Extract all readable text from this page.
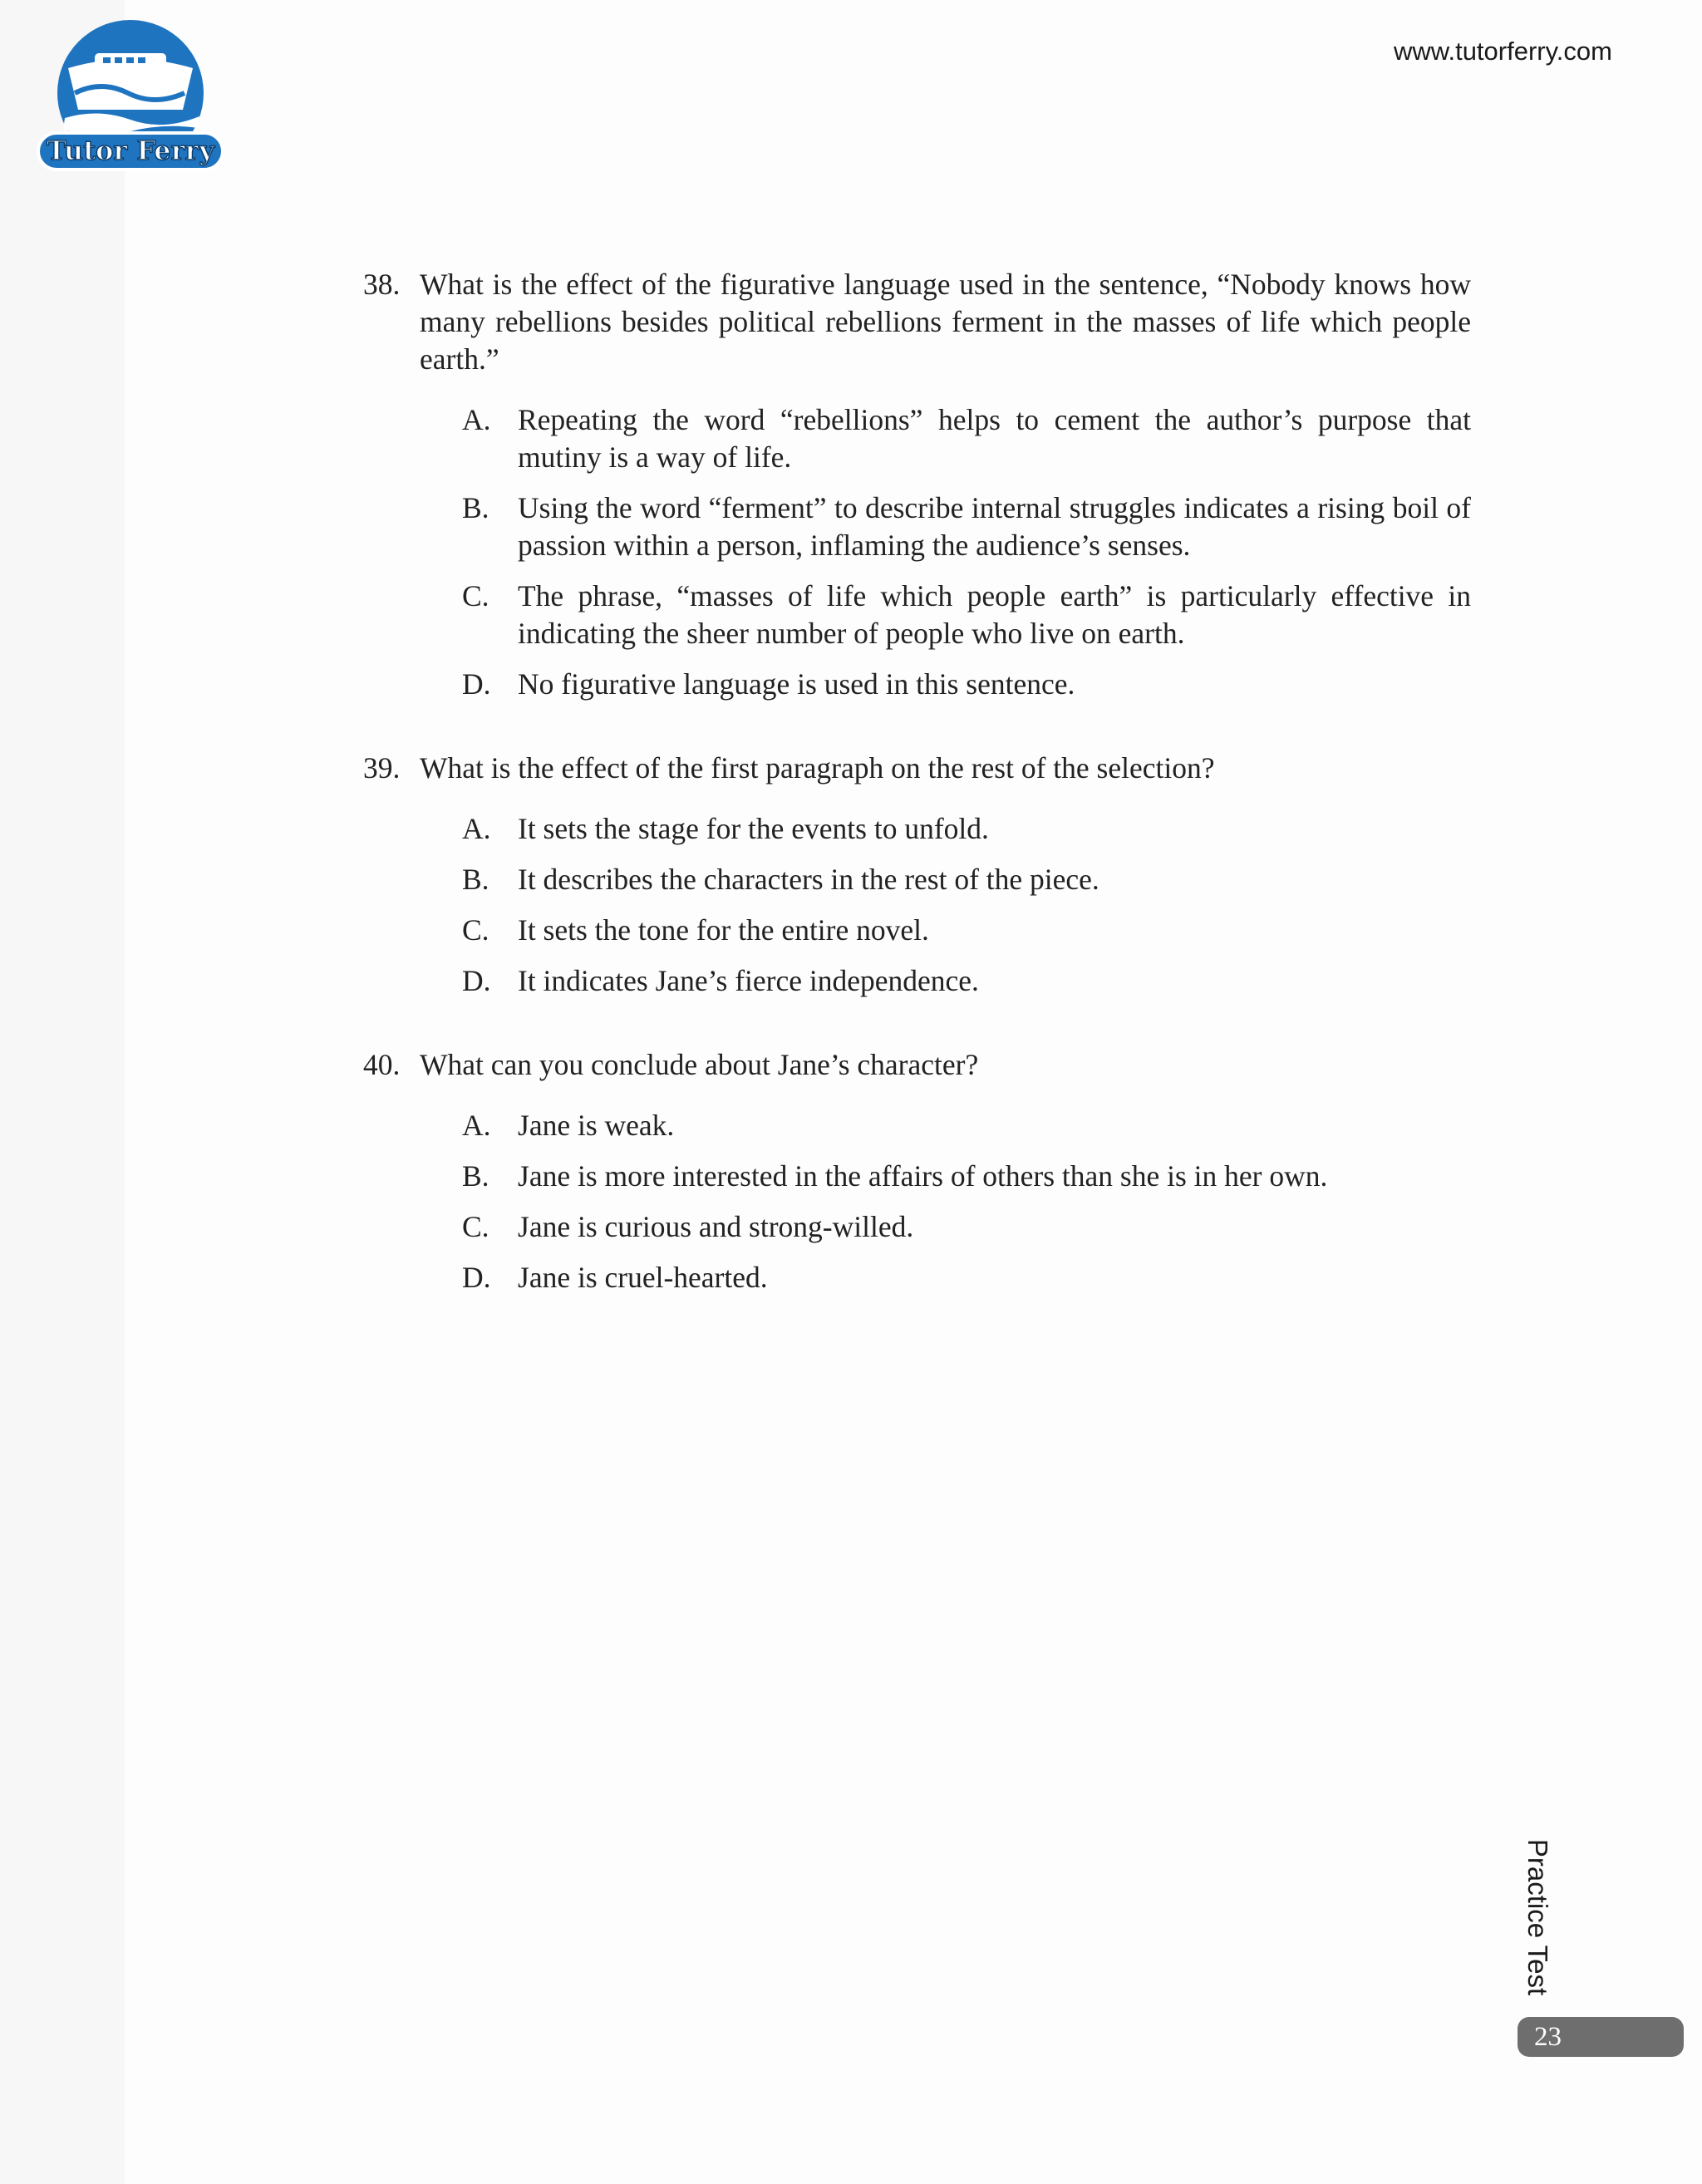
Tutor Ferry
www.tutorferry.com
38. What is the effect of the figurative language used in the sentence, “Nobody knows how many rebellions besides political rebellions ferment in the masses of life which people earth.”
A. Repeating the word “rebellions” helps to cement the author’s purpose that mutiny is a way of life.
B. Using the word “ferment” to describe internal struggles indicates a rising boil of passion within a person, inflaming the audience’s senses.
C. The phrase, “masses of life which people earth” is particularly effective in indicating the sheer number of people who live on earth.
D. No figurative language is used in this sentence.
39. What is the effect of the first paragraph on the rest of the selection?
A. It sets the stage for the events to unfold.
B. It describes the characters in the rest of the piece.
C. It sets the tone for the entire novel.
D. It indicates Jane’s fierce independence.
40. What can you conclude about Jane’s character?
A. Jane is weak.
B. Jane is more interested in the affairs of others than she is in her own.
C. Jane is curious and strong-willed.
D. Jane is cruel-hearted.
Practice Test
23
